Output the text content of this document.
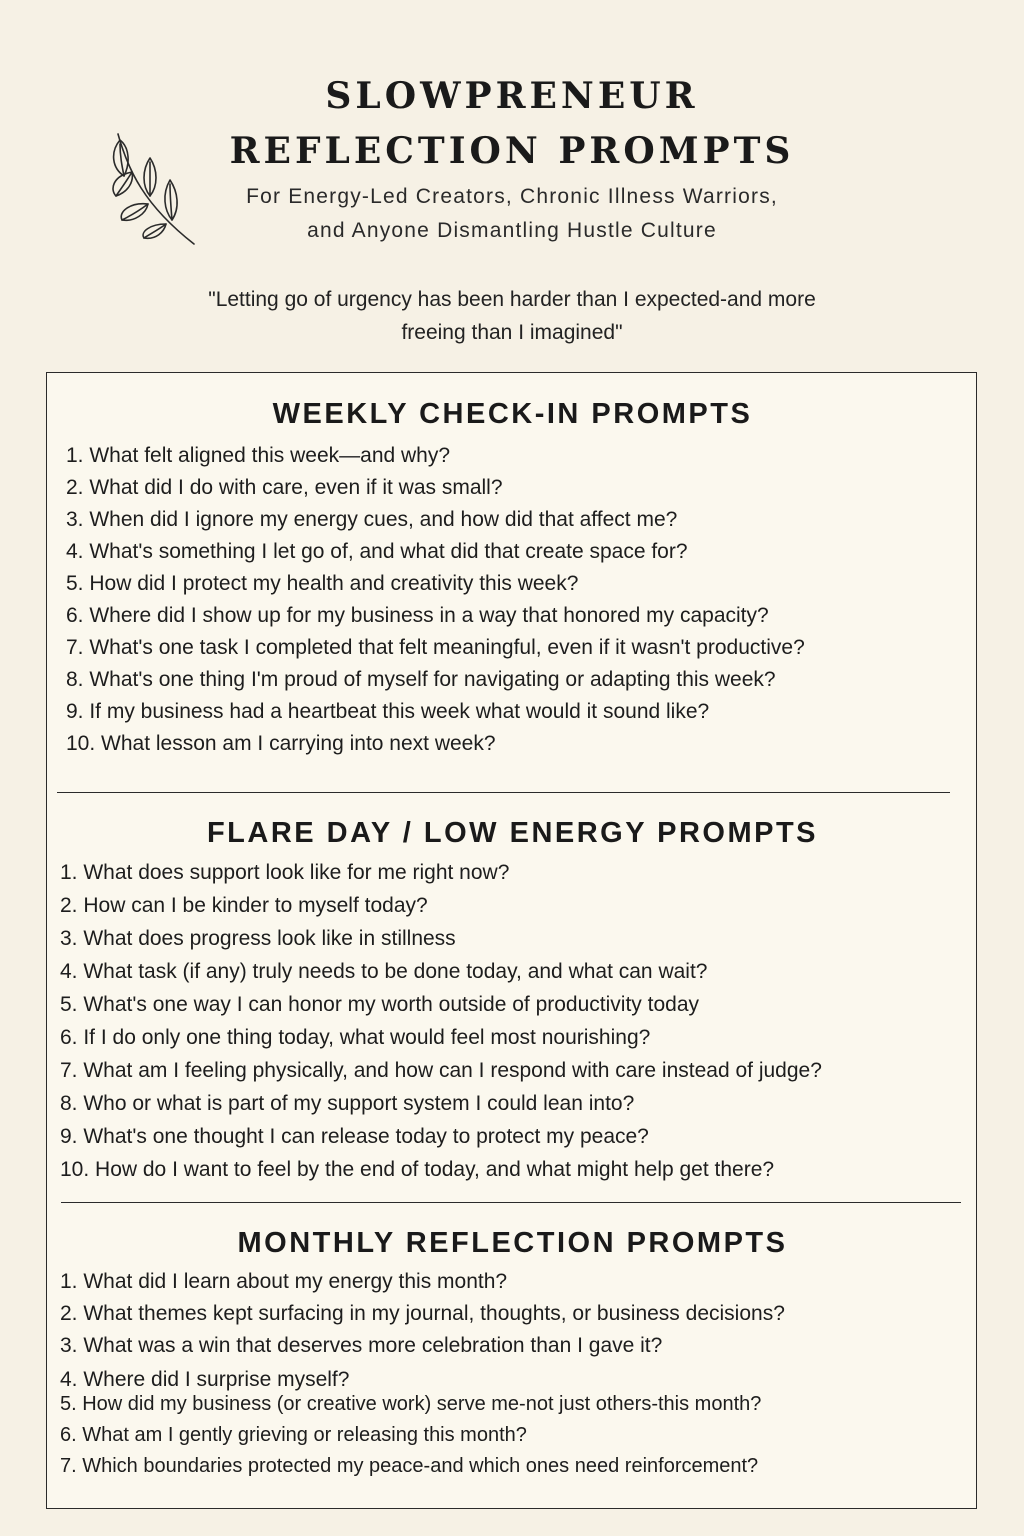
SLOWPRENEUR
REFLECTION PROMPTS
For Energy-Led Creators, Chronic Illness Warriors,
and Anyone Dismantling Hustle Culture
"Letting go of urgency has been harder than I expected-and more
freeing than I imagined"
WEEKLY CHECK-IN PROMPTS
1. What felt aligned this week—and why?
2. What did I do with care, even if it was small?
3. When did I ignore my energy cues, and how did that affect me?
4. What's something I let go of, and what did that create space for?
5. How did I protect my health and creativity this week?
6. Where did I show up for my business in a way that honored my capacity?
7. What's one task I completed that felt meaningful, even if it wasn't productive?
8. What's one thing I'm proud of myself for navigating or adapting this week?
9. If my business had a heartbeat this week what would it sound like?
10. What lesson am I carrying into next week?
FLARE DAY / LOW ENERGY PROMPTS
1. What does support look like for me right now?
2. How can I be kinder to myself today?
3. What does progress look like in stillness
4. What task (if any) truly needs to be done today, and what can wait?
5. What's one way I can honor my worth outside of productivity today
6. If I do only one thing today, what would feel most nourishing?
7. What am I feeling physically, and how can I respond with care instead of judge?
8. Who or what is part of my support system I could lean into?
9. What's one thought I can release today to protect my peace?
10. How do I want to feel by the end of today, and what might help get there?
MONTHLY REFLECTION PROMPTS
1. What did I learn about my energy this month?
2. What themes kept surfacing in my journal, thoughts, or business decisions?
3. What was a win that deserves more celebration than I gave it?
4. Where did I surprise myself?
5. How did my business (or creative work) serve me-not just others-this month?
6. What am I gently grieving or releasing this month?
7. Which boundaries protected my peace-and which ones need reinforcement?
